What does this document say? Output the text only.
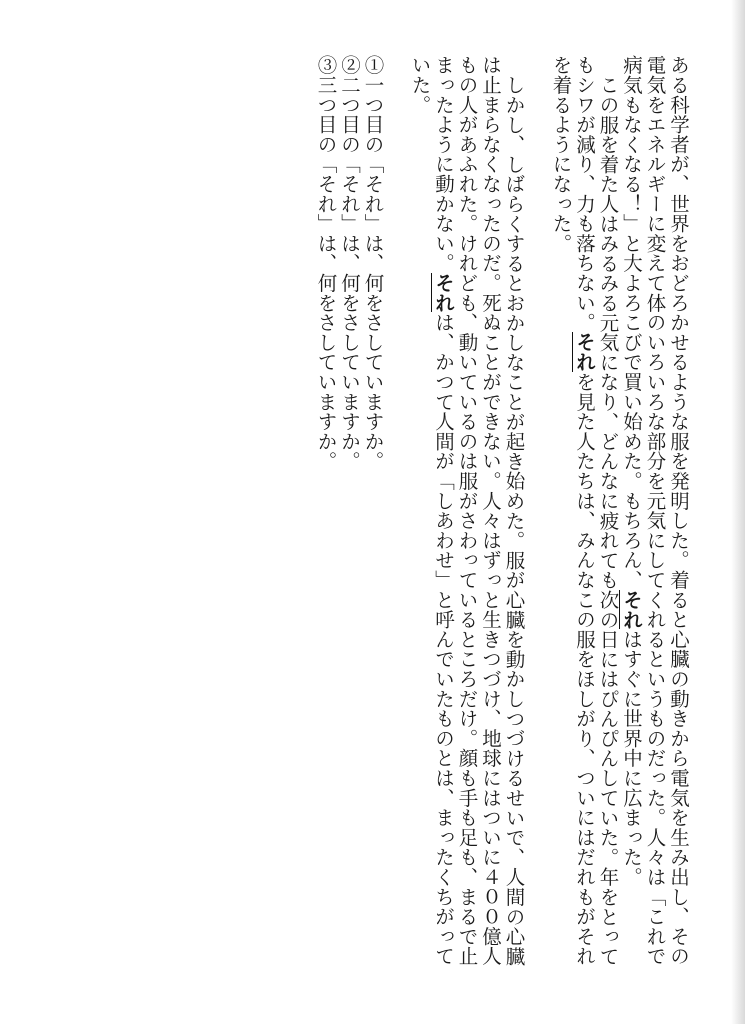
ある科学者が、世界をおどろかせるような服を発明した。着ると心臓の動きから電気を生み出し、その電気をエネルギーに変えて体のいろいろな部分を元気にしてくれるというものだった。人々は「これで病気もなくなる！」と大よろこびで買い始めた。もちろん、それはすぐに世界中に広まった。

この服を着た人はみるみる元気になり、どんなに疲れても次の日にはぴんぴんしていた。年をとってもシワが減り、力も落ちない。それを見た人たちは、みんなこの服をほしがり、ついにはだれもがそれを着るようになった。

しかし、しばらくするとおかしなことが起き始めた。服が心臓を動かしつづけるせいで、人間の心臓は止まらなくなったのだ。死ぬことができない。人々はずっと生きつづけ、地球にはついに４００億人もの人があふれた。けれども、動いているのは服がさわっているところだけ。顔も手も足も、まるで止まったように動かない。それは、かつて人間が「しあわせ」と呼んでいたものとは、まったくちがっていた。

①一つ目の「それ」は、何をさしていますか。

②二つ目の「それ」は、何をさしていますか。

③三つ目の「それ」は、何をさしていますか。
